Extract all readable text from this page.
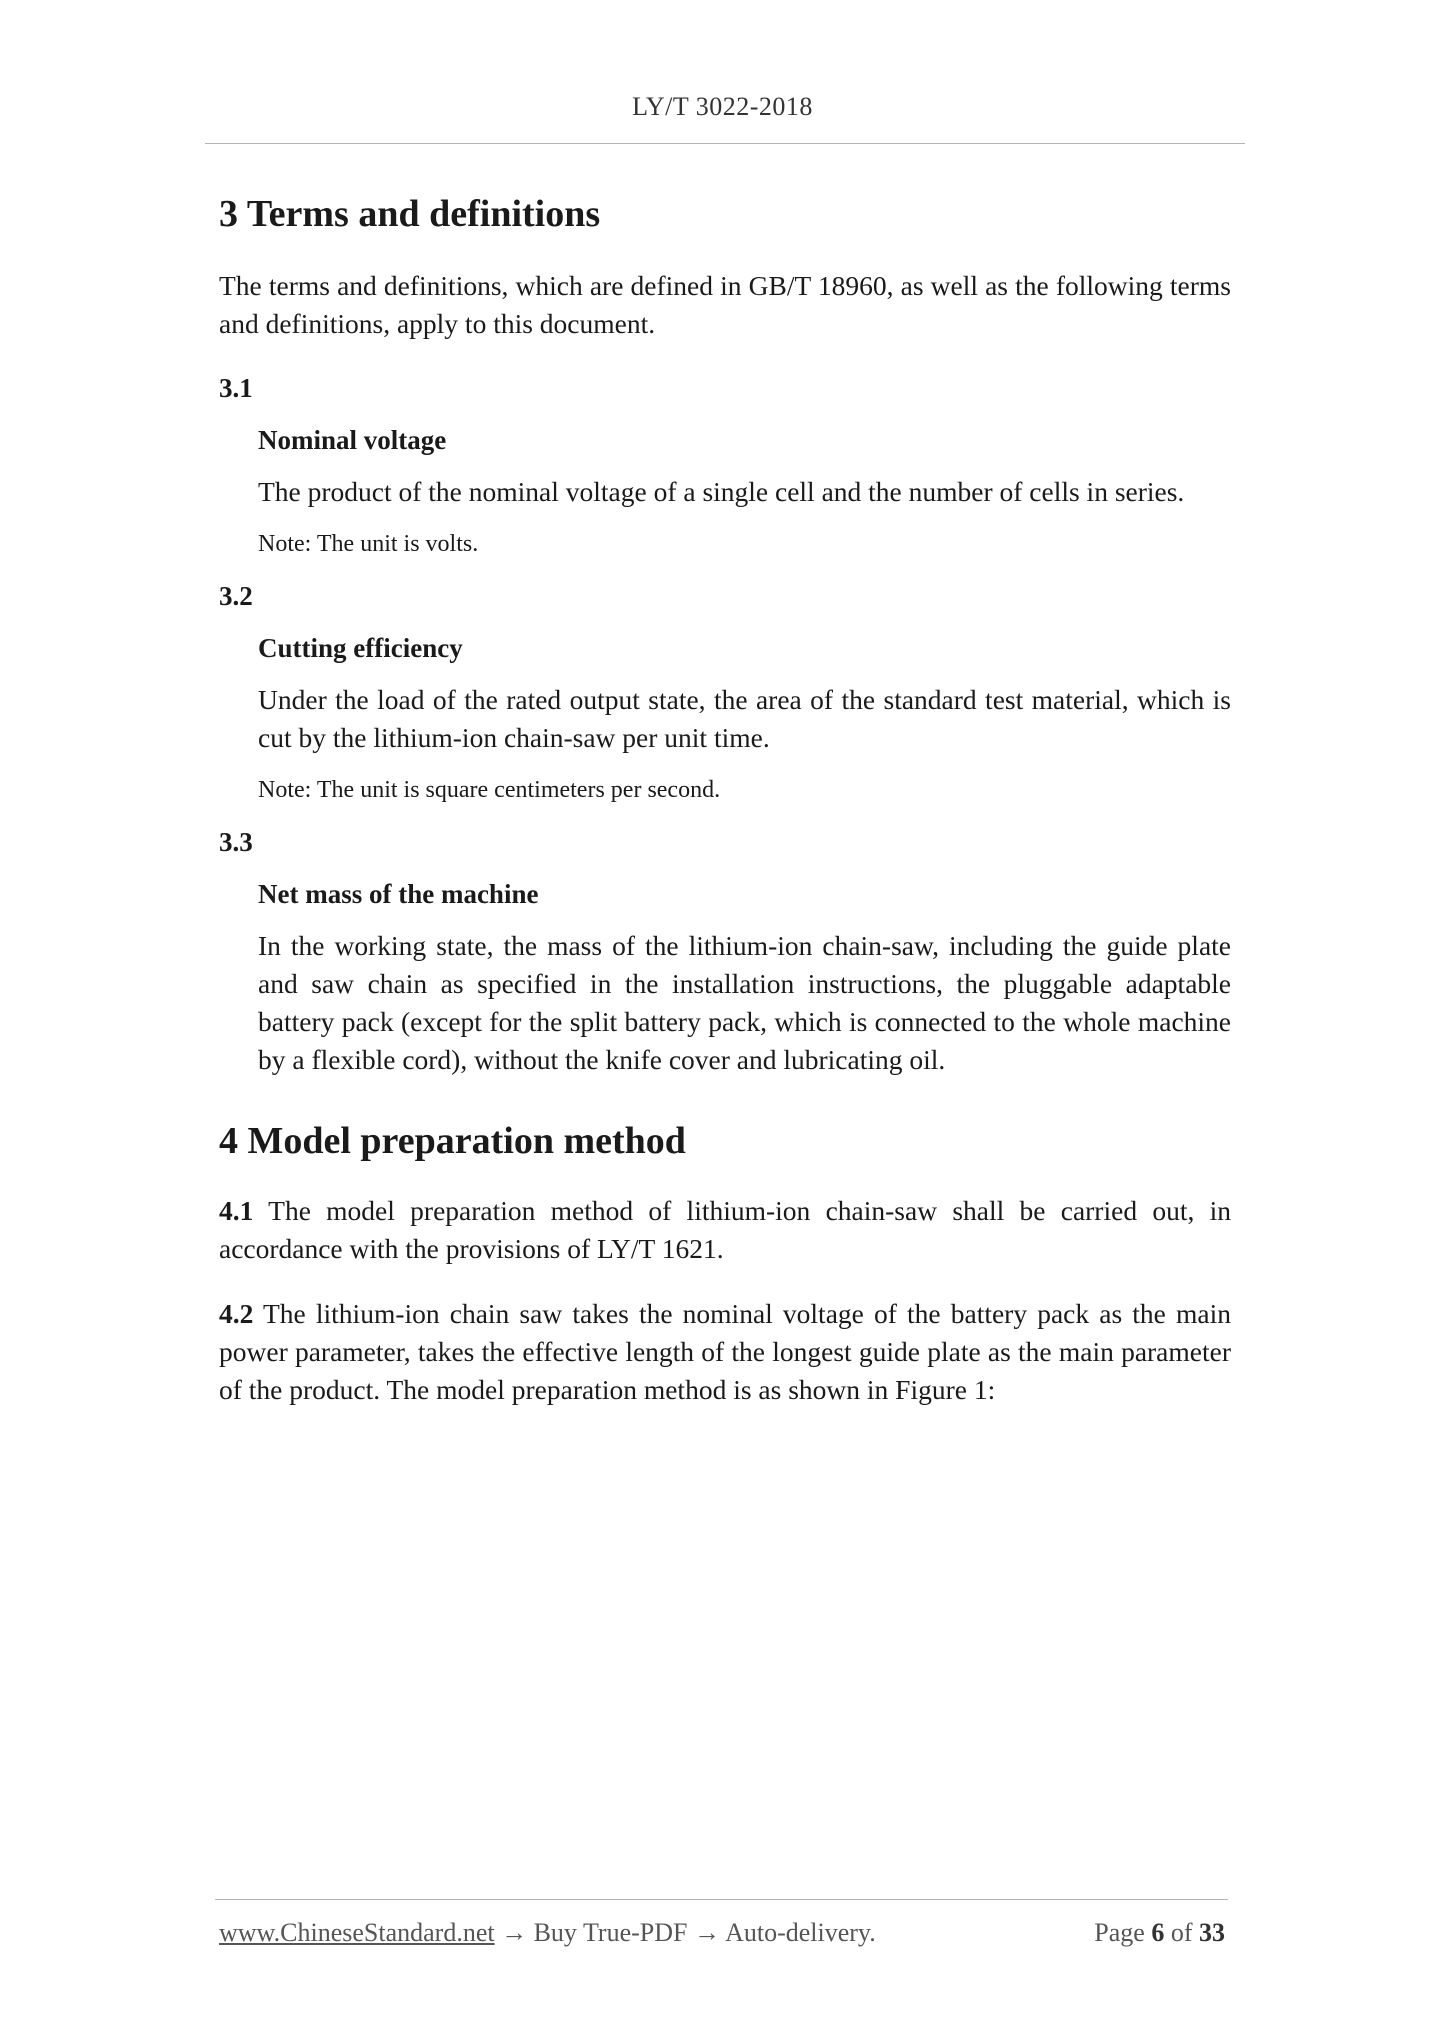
LY/T 3022-2018
3 Terms and definitions

The terms and definitions, which are defined in GB/T 18960, as well as the following terms and definitions, apply to this document.

3.1

Nominal voltage

The product of the nominal voltage of a single cell and the number of cells in series.

Note: The unit is volts.

3.2

Cutting efficiency

Under the load of the rated output state, the area of the standard test material, which is cut by the lithium-ion chain-saw per unit time.

Note: The unit is square centimeters per second.

3.3

Net mass of the machine

In the working state, the mass of the lithium-ion chain-saw, including the guide plate and saw chain as specified in the installation instructions, the pluggable adaptable battery pack (except for the split battery pack, which is connected to the whole machine by a flexible cord), without the knife cover and lubricating oil.

4 Model preparation method

4.1 The model preparation method of lithium-ion chain-saw shall be carried out, in accordance with the provisions of LY/T 1621.

4.2 The lithium-ion chain saw takes the nominal voltage of the battery pack as the main power parameter, takes the effective length of the longest guide plate as the main parameter of the product. The model preparation method is as shown in Figure 1:

www.ChineseStandard.net → Buy True-PDF → Auto-delivery.	Page 6 of 33
